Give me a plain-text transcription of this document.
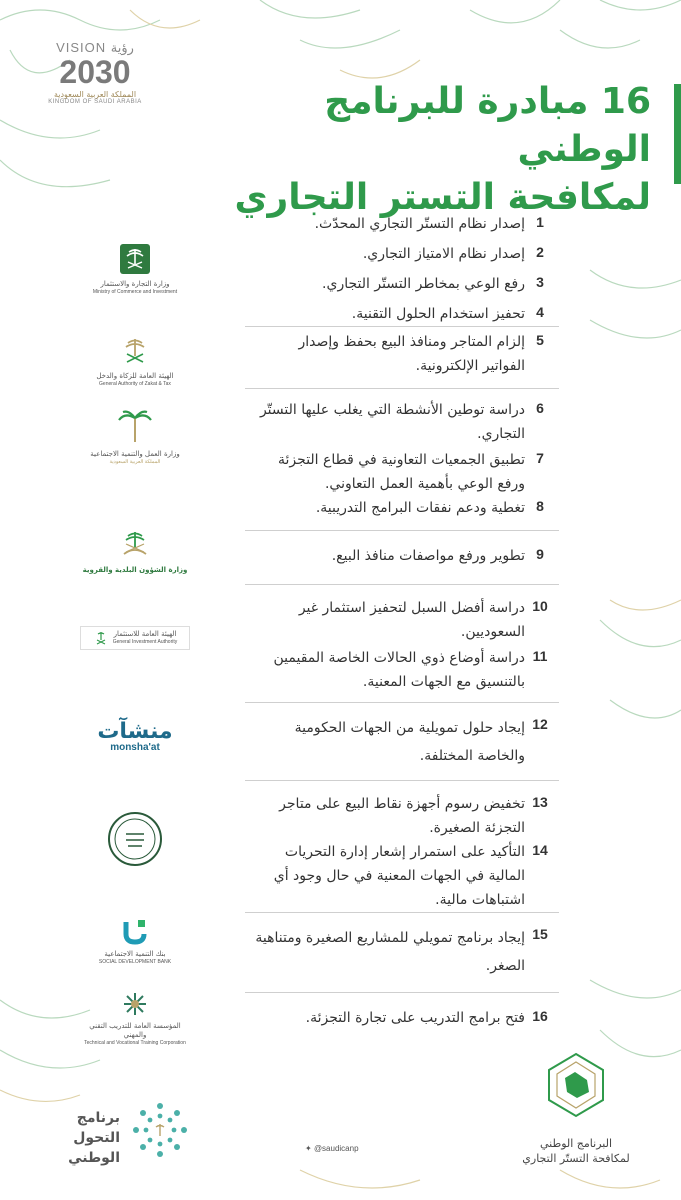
VISION رؤية
2030
المملكة العربية السعودية
KINGDOM OF SAUDI ARABIA	16 مبادرة للبرنامج الوطني
لمكافحة التستر التجاري
1
إصدار نظام التستّر التجاري المحدّث.
2
إصدار نظام الامتياز التجاري.
3
رفع الوعي بمخاطر التستّر التجاري.
4
تحفيز استخدام الحلول التقنية.
وزارة التجارة والاستثمار
Ministry of Commerce and Investment
5
إلزام المتاجر ومنافذ البيع بحفظ وإصدار الفواتير الإلكترونية.
الهيئة العامة للزكاة والدخل
General Authority of Zakat & Tax
6
دراسة توطين الأنشطة التي يغلب عليها التستّر التجاري.
7
تطبيق الجمعيات التعاونية في قطاع التجزئة ورفع الوعي بأهمية العمل التعاوني.
8
تغطية ودعم نفقات البرامج التدريبية.
وزارة العمل والتنمية الاجتماعية
المملكة العربية السعودية
9
تطوير ورفع مواصفات منافذ البيع.
وزارة الشؤون البلدية والقروية
10
دراسة أفضل السبل لتحفيز استثمار غير السعوديين.
11
دراسة أوضاع ذوي الحالات الخاصة المقيمين بالتنسيق مع الجهات المعنية.
الهيئة العامة للاستثمار
General Investment Authority
12
إيجاد حلول تمويلية من الجهات الحكومية والخاصة المختلفة.
منشآت
monsha'at
13
تخفيض رسوم أجهزة نقاط البيع على متاجر التجزئة الصغيرة.
14
التأكيد على استمرار إشعار إدارة التحريات المالية في الجهات المعنية في حال وجود أي اشتباهات مالية.
15
إيجاد برنامج تمويلي للمشاريع الصغيرة ومتناهية الصغر.
بنك التنمية الاجتماعية
SOCIAL DEVELOPMENT BANK
16
فتح برامج التدريب على تجارة التجزئة.
المؤسسة العامة للتدريب التقني والمهني
Technical and Vocational Training Corporation
برنامج التحول الوطني
✦ @saudicanp	البرنامج الوطني
لمكافحة التستّر التجاري
